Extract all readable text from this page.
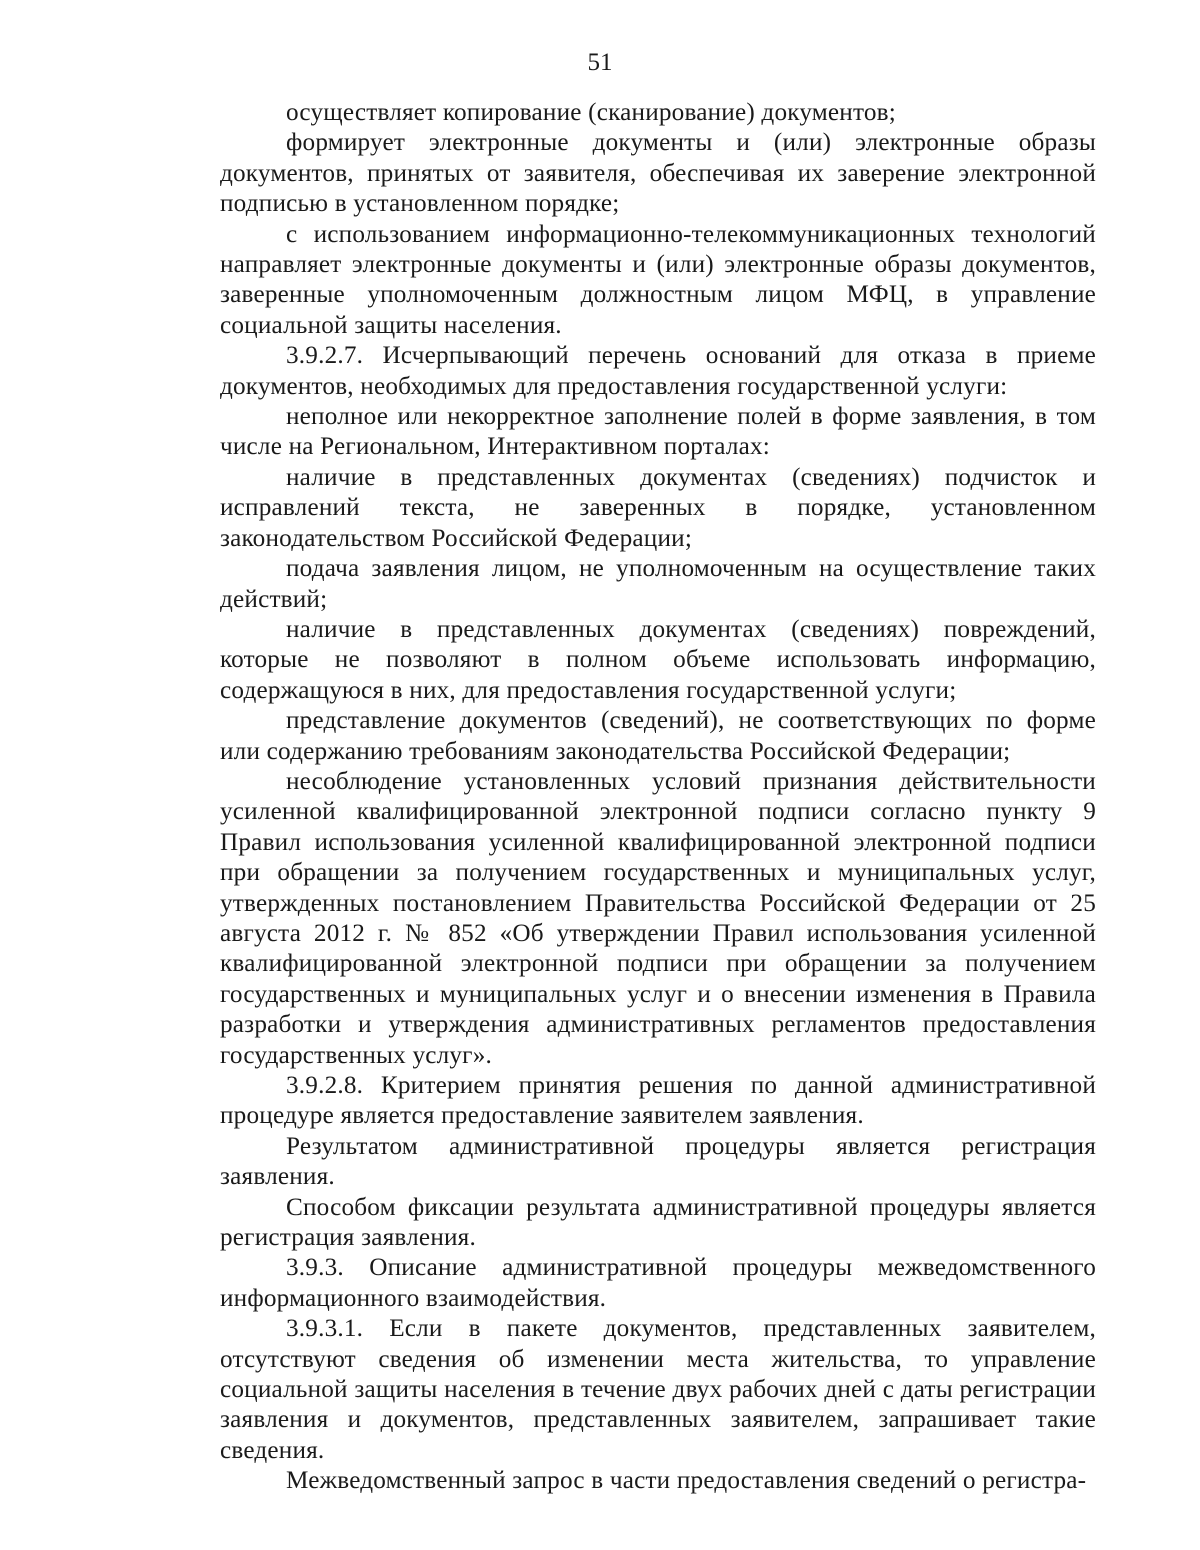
51

осуществляет копирование (сканирование) документов;

формирует электронные документы и (или) электронные образы документов, принятых от заявителя, обеспечивая их заверение электронной подписью в установленном порядке;

с использованием информационно-телекоммуникационных технологий направляет электронные документы и (или) электронные образы документов, заверенные уполномоченным должностным лицом МФЦ, в управление социальной защиты населения.

3.9.2.7. Исчерпывающий перечень оснований для отказа в приеме документов, необходимых для предоставления государственной услуги:

неполное или некорректное заполнение полей в форме заявления, в том числе на Региональном, Интерактивном порталах:

наличие в представленных документах (сведениях) подчисток и исправлений текста, не заверенных в порядке, установленном законодательством Российской Федерации;

подача заявления лицом, не уполномоченным на осуществление таких действий;

наличие в представленных документах (сведениях) повреждений, которые не позволяют в полном объеме использовать информацию, содержащуюся в них, для предоставления государственной услуги;

представление документов (сведений), не соответствующих по форме или содержанию требованиям законодательства Российской Федерации;

несоблюдение установленных условий признания действительности усиленной квалифицированной электронной подписи согласно пункту 9 Правил использования усиленной квалифицированной электронной подписи при обращении за получением государственных и муниципальных услуг, утвержденных постановлением Правительства Российской Федерации от 25 августа 2012 г. № 852 «Об утверждении Правил использования усиленной квалифицированной электронной подписи при обращении за получением государственных и муниципальных услуг и о внесении изменения в Правила разработки и утверждения административных регламентов предоставления государственных услуг».

3.9.2.8. Критерием принятия решения по данной административной процедуре является предоставление заявителем заявления.

Результатом административной процедуры является регистрация заявления.

Способом фиксации результата административной процедуры является регистрация заявления.

3.9.3. Описание административной процедуры межведомственного информационного взаимодействия.

3.9.3.1. Если в пакете документов, представленных заявителем, отсутствуют сведения об изменении места жительства, то управление социальной защиты населения в течение двух рабочих дней с даты регистрации заявления и документов, представленных заявителем, запрашивает такие сведения.

Межведомственный запрос в части предоставления сведений о регистра-
